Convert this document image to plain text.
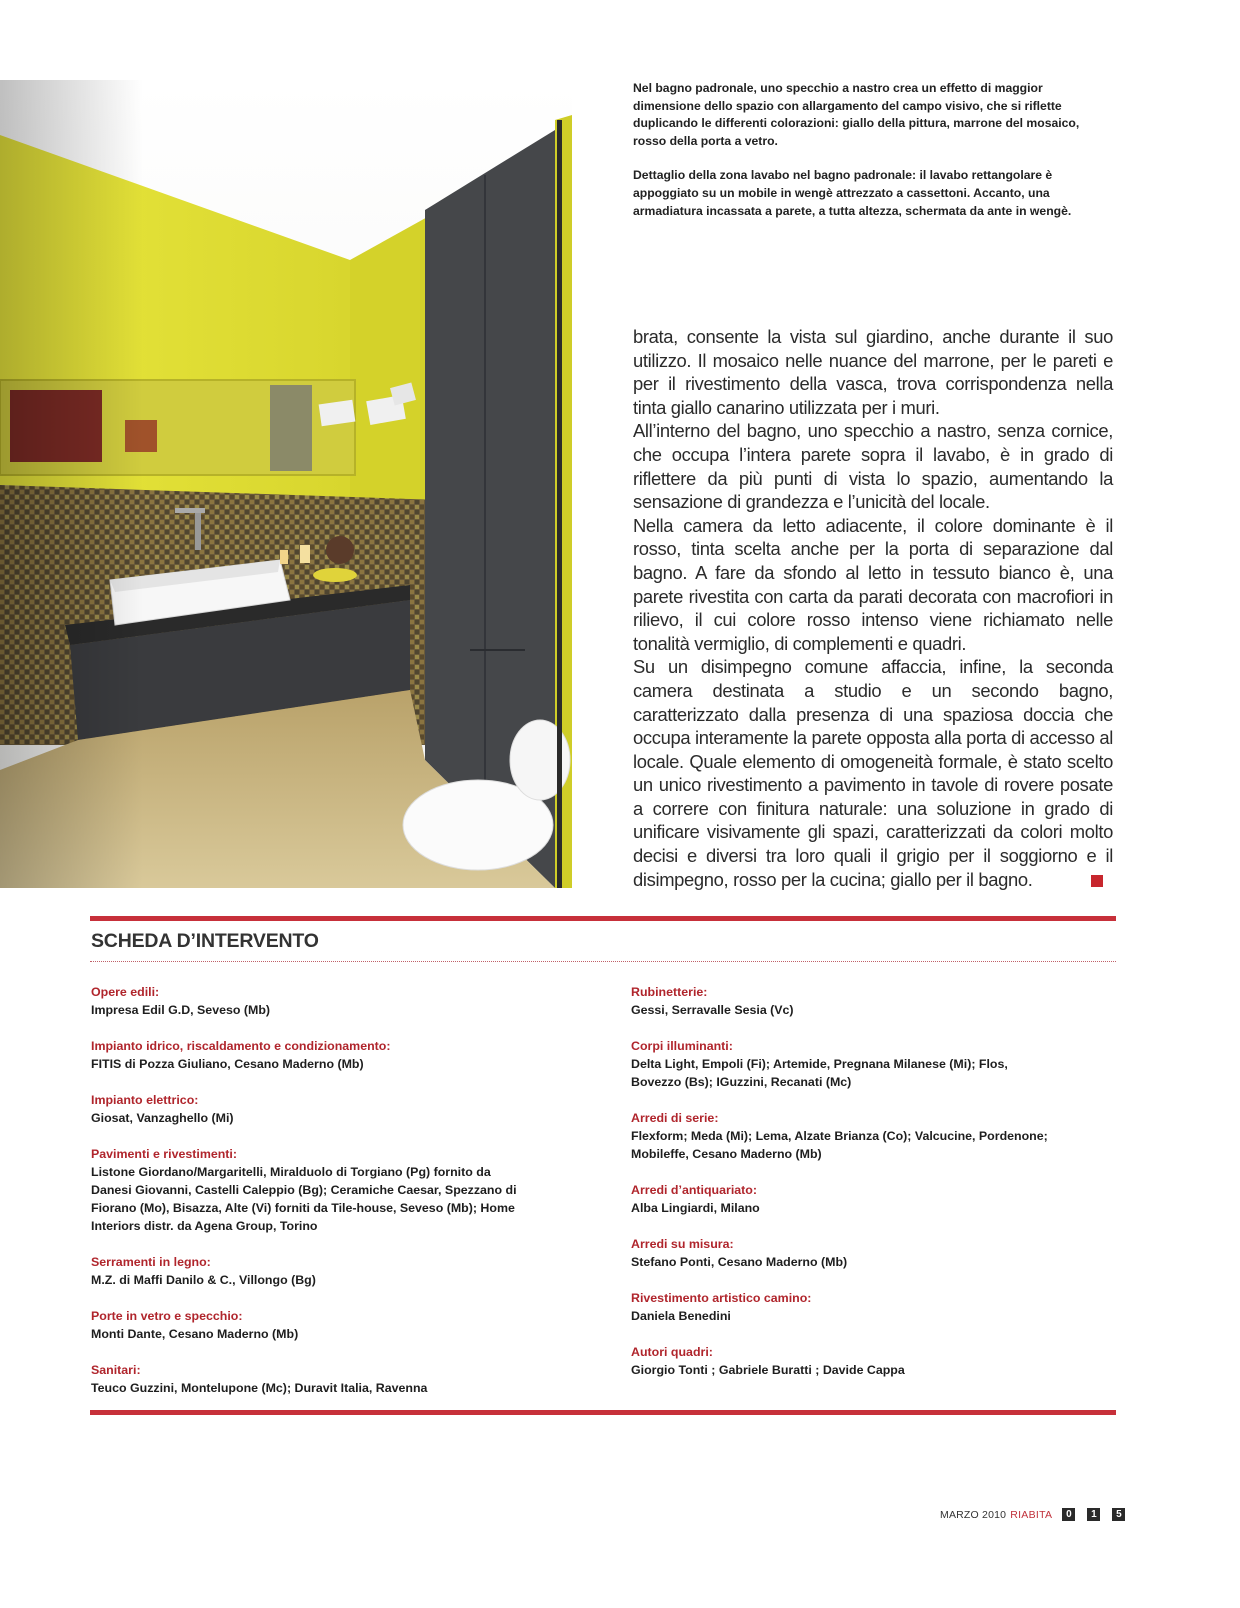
Nel bagno padronale, uno specchio a nastro crea un effetto di maggior dimensione dello spazio con allargamento del campo visivo, che si riflette duplicando le differenti colorazioni: giallo della pittura, marrone del mosaico, rosso della porta a vetro.

Dettaglio della zona lavabo nel bagno padronale: il lavabo rettangolare è appoggiato su un mobile in wengè attrezzato a cassettoni. Accanto, una armadiatura incassata a parete, a tutta altezza, schermata da ante in wengè.

brata, consente la vista sul giardino, anche durante il suo utilizzo. Il mosaico nelle nuance del marrone, per le pareti e per il rivestimento della vasca, trova corrispondenza nella tinta giallo canarino utilizzata per i muri.

All’interno del bagno, uno specchio a nastro, senza cornice, che occupa l’intera parete sopra il lavabo, è in grado di riflettere da più punti di vista lo spazio, aumentando la sensazione di grandezza e l’unicità del locale.

Nella camera da letto adiacente, il colore dominante è il rosso, tinta scelta anche per la porta di separazione dal bagno. A fare da sfondo al letto in tessuto bianco è, una parete rivestita con carta da parati decorata con macrofiori in rilievo, il cui colore rosso intenso viene richiamato nelle tonalità vermiglio, di complementi e quadri.

Su un disimpegno comune affaccia, infine, la seconda camera destinata a studio e un secondo bagno, caratterizzato dalla presenza di una spaziosa doccia che occupa interamente la parete opposta alla porta di accesso al locale. Quale elemento di omogeneità formale, è stato scelto un unico rivestimento a pavimento in tavole di rovere posate a correre con finitura naturale: una soluzione in grado di unificare visivamente gli spazi, caratterizzati da colori molto decisi e diversi tra loro quali il grigio per il soggiorno e il disimpegno, rosso per la cucina; giallo per il bagno.

SCHEDA D’INTERVENTO
Opere edili:
Impresa Edil G.D, Seveso (Mb)
Impianto idrico, riscaldamento e condizionamento:
FITIS di Pozza Giuliano, Cesano Maderno (Mb)
Impianto elettrico:
Giosat, Vanzaghello (Mi)
Pavimenti e rivestimenti:
Listone Giordano/Margaritelli, Miralduolo di Torgiano (Pg) fornito da Danesi Giovanni, Castelli Caleppio (Bg); Ceramiche Caesar, Spezzano di Fiorano (Mo), Bisazza, Alte (Vi) forniti da Tile-house, Seveso (Mb); Home Interiors distr. da Agena Group, Torino
Serramenti in legno:
M.Z. di Maffi Danilo & C., Villongo (Bg)
Porte in vetro e specchio:
Monti Dante, Cesano Maderno (Mb)
Sanitari:
Teuco Guzzini, Montelupone (Mc); Duravit Italia, Ravenna
Rubinetterie:
Gessi, Serravalle Sesia (Vc)
Corpi illuminanti:
Delta Light, Empoli (Fi); Artemide, Pregnana Milanese (Mi); Flos, Bovezzo (Bs); IGuzzini, Recanati (Mc)
Arredi di serie:
Flexform; Meda (Mi); Lema, Alzate Brianza (Co); Valcucine, Pordenone; Mobileffe, Cesano Maderno (Mb)
Arredi d’antiquariato:
Alba Lingiardi, Milano
Arredi su misura:
Stefano Ponti, Cesano Maderno (Mb)
Rivestimento artistico camino:
Daniela Benedini
Autori quadri:
Giorgio Tonti ; Gabriele Buratti ; Davide Cappa
MARZO 2010 RIABITA	0	1	5
